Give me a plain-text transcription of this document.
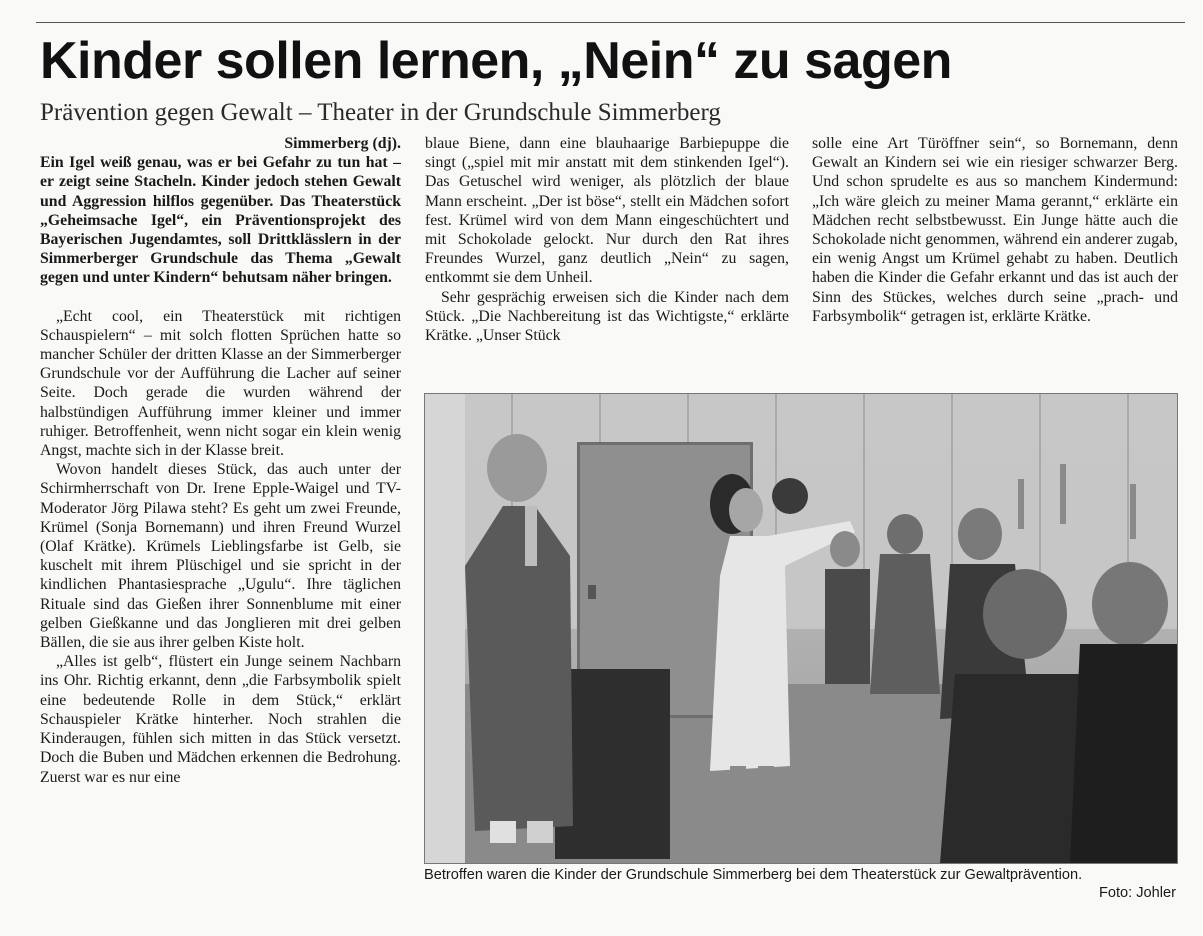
Kinder sollen lernen, „Nein“ zu sagen
Prävention gegen Gewalt – Theater in der Grundschule Simmerberg

Simmerberg (dj).

Ein Igel weiß genau, was er bei Gefahr zu tun hat – er zeigt seine Stacheln. Kinder jedoch stehen Gewalt und Aggression hilflos gegenüber. Das Theaterstück „Geheimsache Igel“, ein Präventionsprojekt des Bayerischen Jugendamtes, soll Drittklässlern in der Simmerberger Grundschule das Thema „Gewalt gegen und unter Kindern“ behutsam näher bringen.

„Echt cool, ein Theaterstück mit richtigen Schauspielern“ – mit solch flotten Sprüchen hatte so mancher Schüler der dritten Klasse an der Simmerberger Grundschule vor der Aufführung die Lacher auf seiner Seite. Doch gerade die wurden während der halbstündigen Aufführung immer kleiner und immer ruhiger. Betroffenheit, wenn nicht sogar ein klein wenig Angst, machte sich in der Klasse breit.

Wovon handelt dieses Stück, das auch unter der Schirmherrschaft von Dr. Irene Epple-Waigel und TV-Moderator Jörg Pilawa steht? Es geht um zwei Freunde, Krümel (Sonja Bornemann) und ihren Freund Wurzel (Olaf Krätke). Krümels Lieblingsfarbe ist Gelb, sie kuschelt mit ihrem Plüschigel und sie spricht in der kindlichen Phantasiesprache „Ugulu“. Ihre täglichen Rituale sind das Gießen ihrer Sonnenblume mit einer gelben Gießkanne und das Jonglieren mit drei gelben Bällen, die sie aus ihrer gelben Kiste holt.

„Alles ist gelb“, flüstert ein Junge seinem Nachbarn ins Ohr. Richtig erkannt, denn „die Farbsymbolik spielt eine bedeutende Rolle in dem Stück,“ erklärt Schauspieler Krätke hinterher. Noch strahlen die Kinderaugen, fühlen sich mitten in das Stück versetzt. Doch die Buben und Mädchen erkennen die Bedrohung. Zuerst war es nur eine

blaue Biene, dann eine blauhaarige Barbiepuppe die singt („spiel mit mir anstatt mit dem stinkenden Igel“). Das Getuschel wird weniger, als plötzlich der blaue Mann erscheint. „Der ist böse“, stellt ein Mädchen sofort fest. Krümel wird von dem Mann eingeschüchtert und mit Schokolade gelockt. Nur durch den Rat ihres Freundes Wurzel, ganz deutlich „Nein“ zu sagen, entkommt sie dem Unheil.

Sehr gesprächig erweisen sich die Kinder nach dem Stück. „Die Nachbereitung ist das Wichtigste,“ erklärte Krätke. „Unser Stück

solle eine Art Türöffner sein“, so Bornemann, denn Gewalt an Kindern sei wie ein riesiger schwarzer Berg. Und schon sprudelte es aus so manchem Kindermund: „Ich wäre gleich zu meiner Mama gerannt,“ erklärte ein Mädchen recht selbstbewusst. Ein Junge hätte auch die Schokolade nicht genommen, während ein anderer zugab, ein wenig Angst um Krümel gehabt zu haben. Deutlich haben die Kinder die Gefahr erkannt und das ist auch der Sinn des Stückes, welches durch seine „prach- und Farbsymbolik“ getragen ist, erklärte Krätke.

Betroffen waren die Kinder der Grundschule Simmerberg bei dem Theaterstück zur Gewaltprävention.

Foto: Johler
